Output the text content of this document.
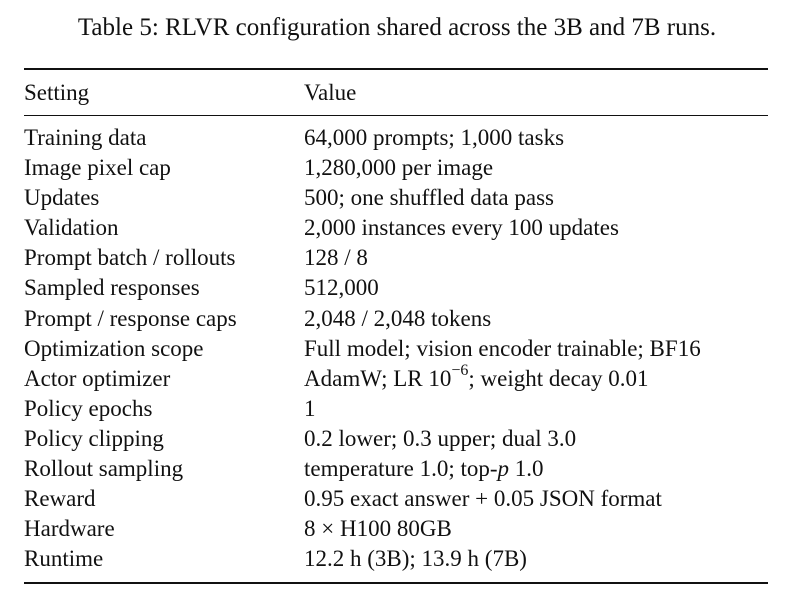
Table 5: RLVR configuration shared across the 3B and 7B runs.
Setting	Value
Training data	64,000 prompts; 1,000 tasks
Image pixel cap	1,280,000 per image
Updates	500; one shuffled data pass
Validation	2,000 instances every 100 updates
Prompt batch / rollouts	128 / 8
Sampled responses	512,000
Prompt / response caps	2,048 / 2,048 tokens
Optimization scope	Full model; vision encoder trainable; BF16
Actor optimizer	AdamW; LR $10^{-6}$; weight decay 0.01
Policy epochs	1
Policy clipping	0.2 lower; 0.3 upper; dual 3.0
Rollout sampling	temperature 1.0; top-p 1.0
Reward	0.95 exact answer + 0.05 JSON format
Hardware	8 × H100 80GB
Runtime	12.2 h (3B); 13.9 h (7B)
